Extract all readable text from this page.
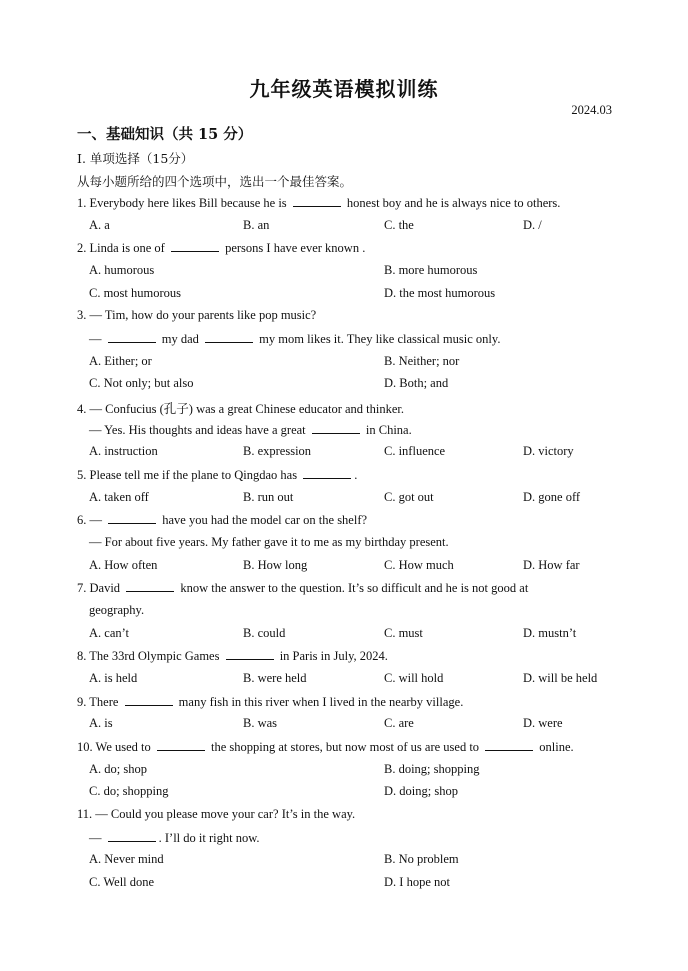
九年级英语模拟训练
2024.03
一、基础知识（共 15 分）
I. 单项选择（15分）
从每小题所给的四个选项中，选出一个最佳答案。
1. Everybody here likes Bill because he is	honest boy and he is always nice to others.
A. a	B. an	C. the	D. /
2. Linda is one of	persons I have ever known .
A. humorous	B. more humorous
C. most humorous	D. the most humorous
3. — Tim, how do your parents like pop music?
—	my dad	my mom likes it. They like classical music only.
A. Either; or	B. Neither; nor
C. Not only; but also	D. Both; and
4. — Confucius (孔子) was a great Chinese educator and thinker.
— Yes. His thoughts and ideas have a great	in China.
A. instruction	B. expression	C. influence	D. victory
5. Please tell me if the plane to Qingdao has	.
A. taken off	B. run out	C. got out	D. gone off
6. —	have you had the model car on the shelf?
— For about five years. My father gave it to me as my birthday present.
A. How often	B. How long	C. How much	D. How far
7. David	know the answer to the question. It’s so difficult and he is not good at
geography.
A. can’t	B. could	C. must	D. mustn’t
8. The 33rd Olympic Games	in Paris in July, 2024.
A. is held	B. were held	C. will hold	D. will be held
9. There	many fish in this river when I lived in the nearby village.
A. is	B. was	C. are	D. were
10. We used to	the shopping at stores, but now most of us are used to	online.
A. do; shop	B. doing; shopping
C. do; shopping	D. doing; shop
11. — Could you please move your car? It’s in the way.
—	. I’ll do it right now.
A. Never mind	B. No problem
C. Well done	D. I hope not
